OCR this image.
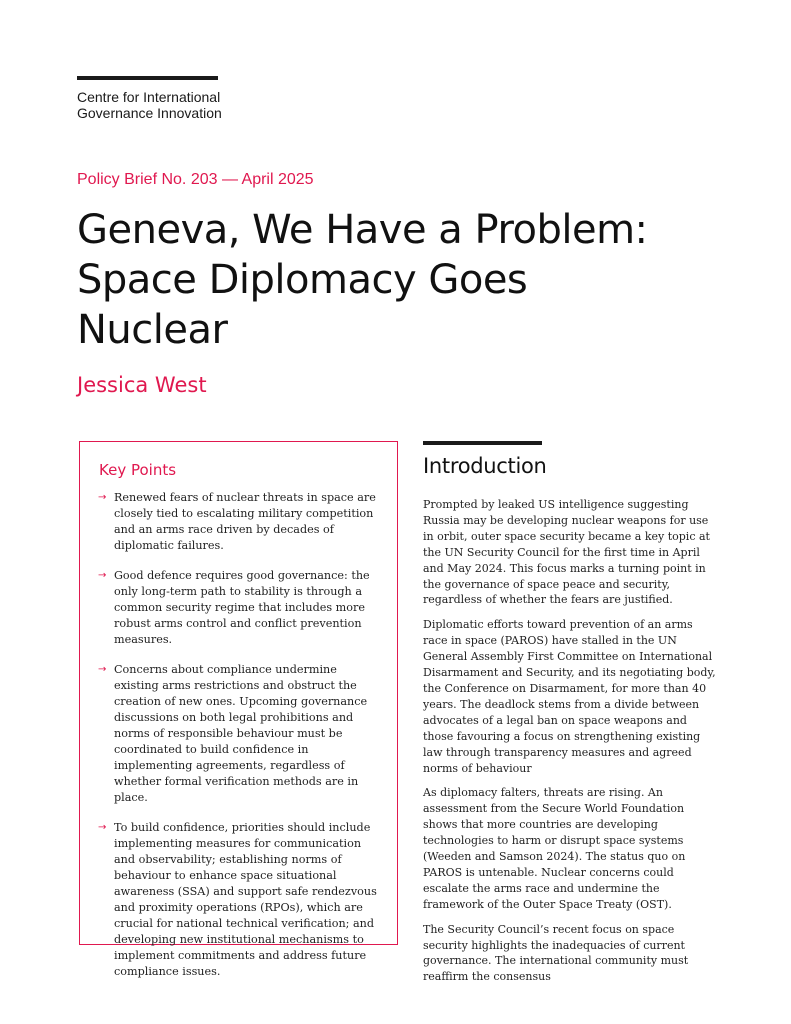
Centre for International
Governance Innovation
Policy Brief No. 203 — April 2025
Geneva, We Have a Problem:
Space Diplomacy Goes
Nuclear
Jessica West
Key Points
→ Renewed fears of nuclear threats in space are closely tied to escalating military competition and an arms race driven by decades of diplomatic failures.
→ Good defence requires good governance: the only long-term path to stability is through a common security regime that includes more robust arms control and conflict prevention measures.
→ Concerns about compliance undermine existing arms restrictions and obstruct the creation of new ones. Upcoming governance discussions on both legal prohibitions and norms of responsible behaviour must be coordinated to build confidence in implementing agreements, regardless of whether formal verification methods are in place.
→ To build confidence, priorities should include implementing measures for communication and observability; establishing norms of behaviour to enhance space situational awareness (SSA) and support safe rendezvous and proximity operations (RPOs), which are crucial for national technical verification; and developing new institutional mechanisms to implement commitments and address future compliance issues.
Introduction

Prompted by leaked US intelligence suggesting Russia may be developing nuclear weapons for use in orbit, outer space security became a key topic at the UN Security Council for the first time in April and May 2024. This focus marks a turning point in the governance of space peace and security, regardless of whether the fears are justified.

Diplomatic efforts toward prevention of an arms race in space (PAROS) have stalled in the UN General Assembly First Committee on International Disarmament and Security, and its negotiating body, the Conference on Disarmament, for more than 40 years. The deadlock stems from a divide between advocates of a legal ban on space weapons and those favouring a focus on strengthening existing law through transparency measures and agreed norms of behaviour

As diplomacy falters, threats are rising. An assessment from the Secure World Foundation shows that more countries are developing technologies to harm or disrupt space systems (Weeden and Samson 2024). The status quo on PAROS is untenable. Nuclear concerns could escalate the arms race and undermine the framework of the Outer Space Treaty (OST).

The Security Council’s recent focus on space security highlights the inadequacies of current governance. The international community must reaffirm the consensus
